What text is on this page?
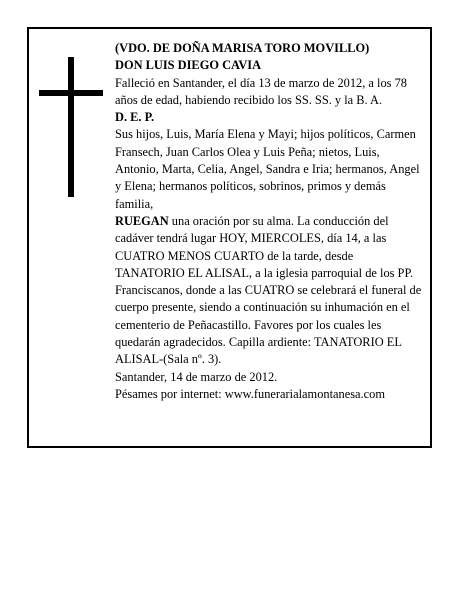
(VDO. DE DOÑA MARISA TORO MOVILLO)

DON LUIS DIEGO CAVIA

Falleció en Santander, el día 13 de marzo de 2012, a los 78 años de edad, habiendo recibido los SS. SS. y la B. A.

D. E. P.

Sus hijos, Luis, María Elena y Mayi; hijos políticos, Carmen Fransech, Juan Carlos Olea y Luis Peña; nietos, Luis, Antonio, Marta, Celia, Angel, Sandra e Iria; hermanos, Angel y Elena; hermanos políticos, sobrinos, primos y demás familia,

RUEGAN una oración por su alma. La conducción del cadáver tendrá lugar HOY, MIERCOLES, día 14, a las CUATRO MENOS CUARTO de la tarde, desde TANATORIO EL ALISAL, a la iglesia parroquial de los PP. Franciscanos, donde a las CUATRO se celebrará el funeral de cuerpo presente, siendo a continuación su inhumación en el cementerio de Peñacastillo. Favores por los cuales les quedarán agradecidos. Capilla ardiente: TANATORIO EL ALISAL-(Sala nº. 3).

Santander, 14 de marzo de 2012.

Pésames por internet: www.funerarialamontanesa.com
